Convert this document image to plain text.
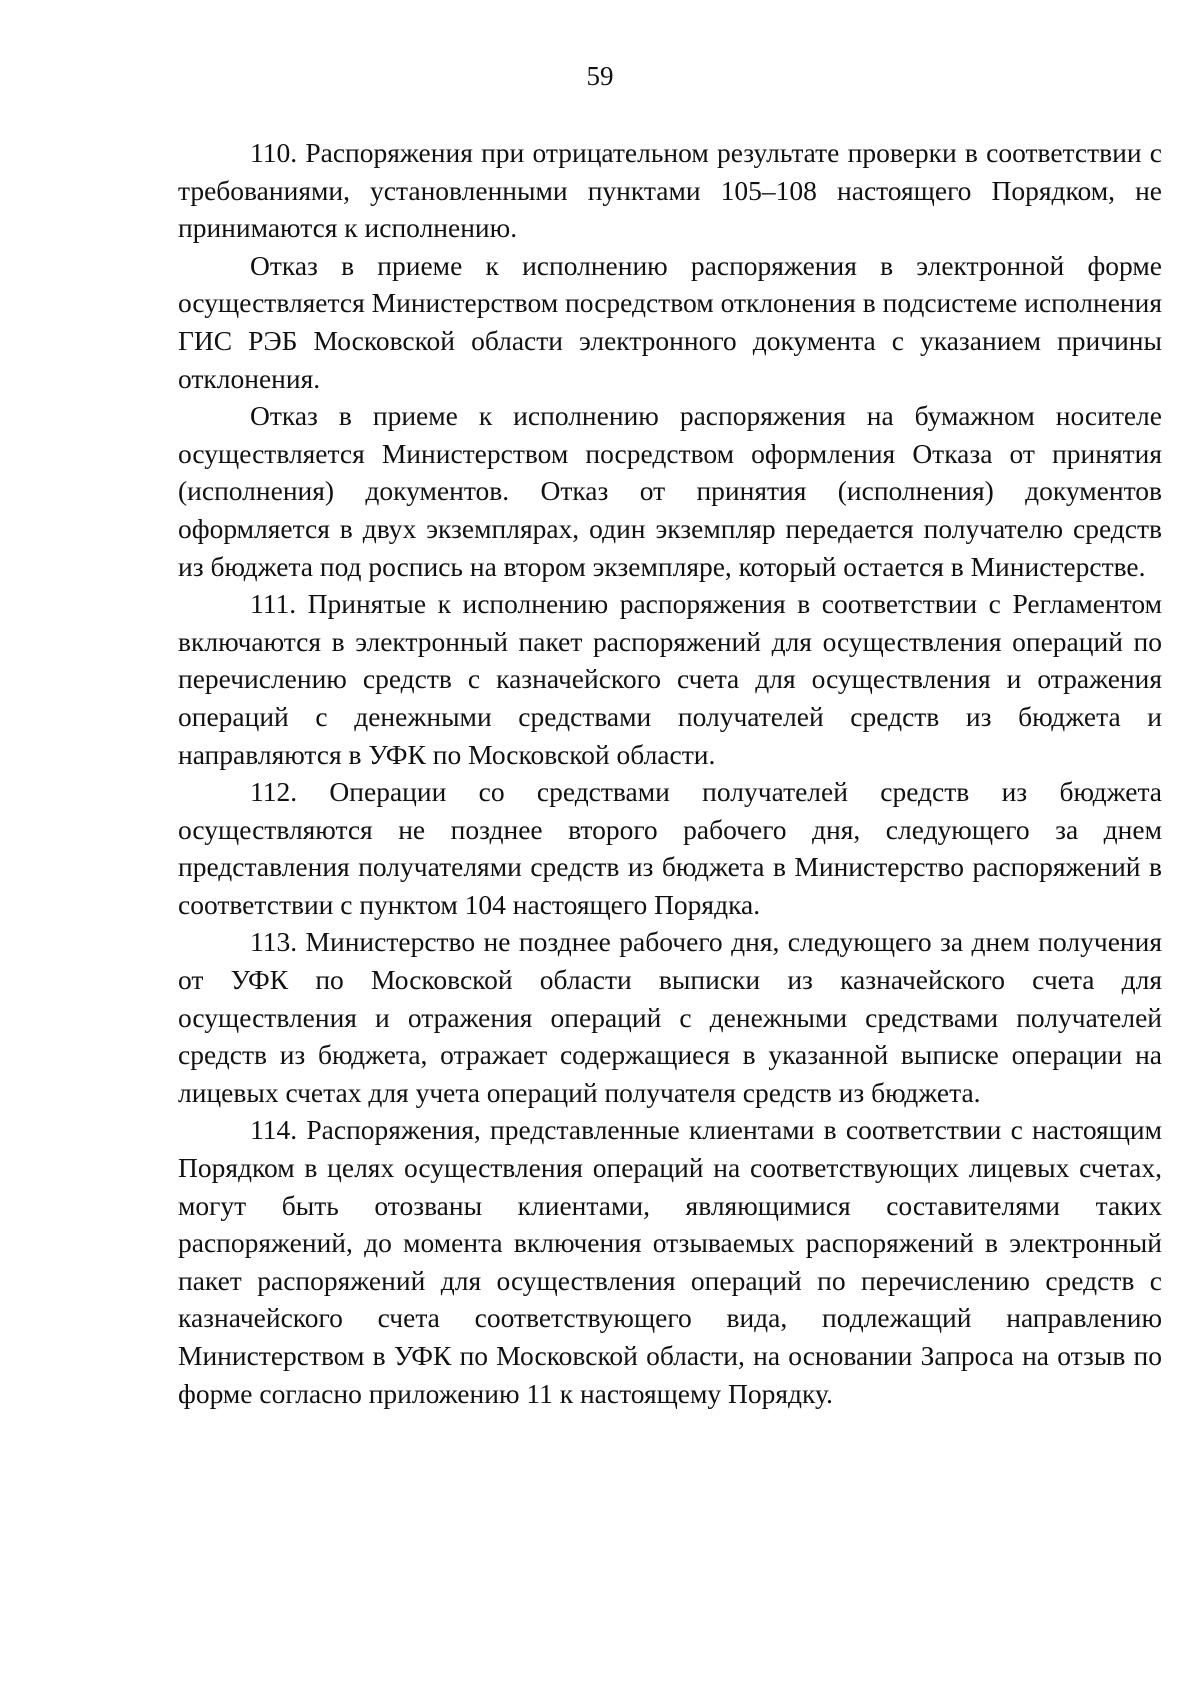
59

110. Распоряжения при отрицательном результате проверки в соответствии с требованиями, установленными пунктами 105–108 настоящего Порядком, не принимаются к исполнению.

Отказ в приеме к исполнению распоряжения в электронной форме осуществляется Министерством посредством отклонения в подсистеме исполнения ГИС РЭБ Московской области электронного документа с указанием причины отклонения.

Отказ в приеме к исполнению распоряжения на бумажном носителе осуществляется Министерством посредством оформления Отказа от принятия (исполнения) документов. Отказ от принятия (исполнения) документов оформляется в двух экземплярах, один экземпляр передается получателю средств из бюджета под роспись на втором экземпляре, который остается в Министерстве.

111. Принятые к исполнению распоряжения в соответствии с Регламентом включаются в электронный пакет распоряжений для осуществления операций по перечислению средств с казначейского счета для осуществления и отражения операций с денежными средствами получателей средств из бюджета и направляются в УФК по Московской области.

112. Операции со средствами получателей средств из бюджета осуществляются не позднее второго рабочего дня, следующего за днем представления получателями средств из бюджета в Министерство распоряжений в соответствии с пунктом 104 настоящего Порядка.

113. Министерство не позднее рабочего дня, следующего за днем получения от УФК по Московской области выписки из казначейского счета для осуществления и отражения операций с денежными средствами получателей средств из бюджета, отражает содержащиеся в указанной выписке операции на лицевых счетах для учета операций получателя средств из бюджета.

114. Распоряжения, представленные клиентами в соответствии с настоящим Порядком в целях осуществления операций на соответствующих лицевых счетах, могут быть отозваны клиентами, являющимися составителями таких распоряжений, до момента включения отзываемых распоряжений в электронный пакет распоряжений для осуществления операций по перечислению средств с казначейского счета соответствующего вида, подлежащий направлению Министерством в УФК по Московской области, на основании Запроса на отзыв по форме согласно приложению 11 к настоящему Порядку.
